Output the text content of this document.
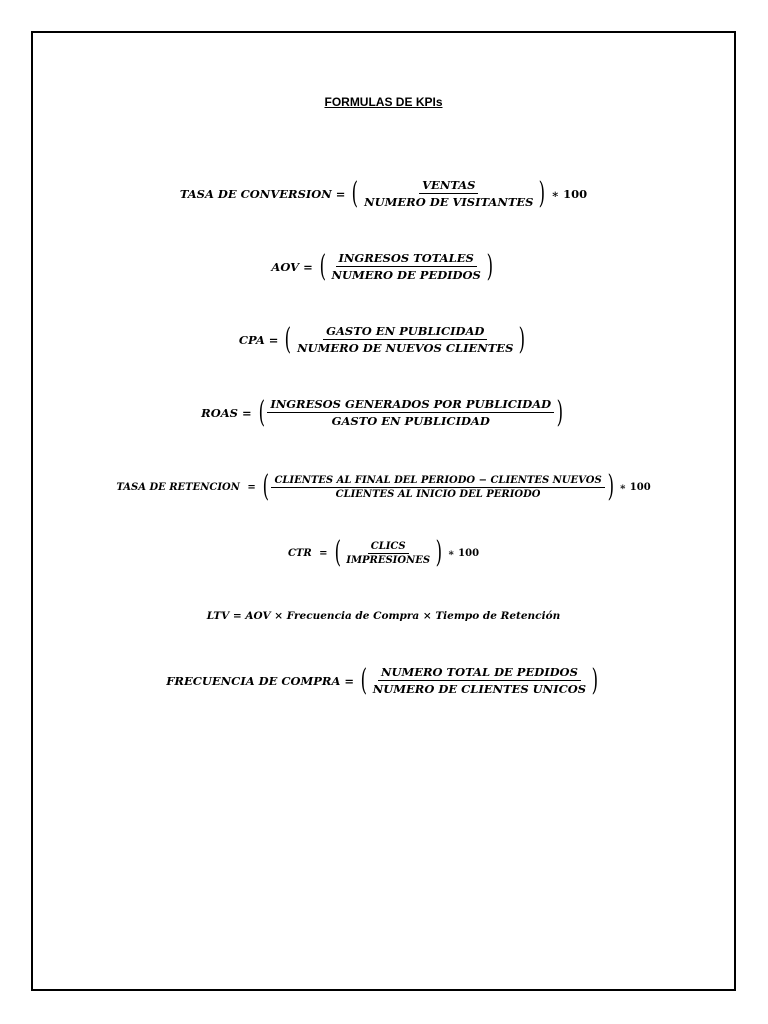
FORMULAS DE KPIs
TASA DE CONVERSION = ( $\frac{\text{VENTAS}}{\text{NUMERO DE VISITANTES}}$ ) ∗ 100
AOV = ( $\frac{\text{INGRESOS TOTALES}}{\text{NUMERO DE PEDIDOS}}$ )
CPA = ( $\frac{\text{GASTO EN PUBLICIDAD}}{\text{NUMERO DE NUEVOS CLIENTES}}$ )
ROAS = ( $\frac{\text{INGRESOS GENERADOS POR PUBLICIDAD}}{\text{GASTO EN PUBLICIDAD}}$ )
TASA DE RETENCION = ( $\frac{\text{CLIENTES AL FINAL DEL PERIODO − CLIENTES NUEVOS}}{\text{CLIENTES AL INICIO DEL PERIODO}}$ ) ∗ 100
CTR = ( $\frac{\text{CLICS}}{\text{IMPRESIONES}}$ ) ∗ 100
LTV = AOV × Frecuencia de Compra × Tiempo de Retención
FRECUENCIA DE COMPRA = ( $\frac{\text{NUMERO TOTAL DE PEDIDOS}}{\text{NUMERO DE CLIENTES UNICOS}}$ )
